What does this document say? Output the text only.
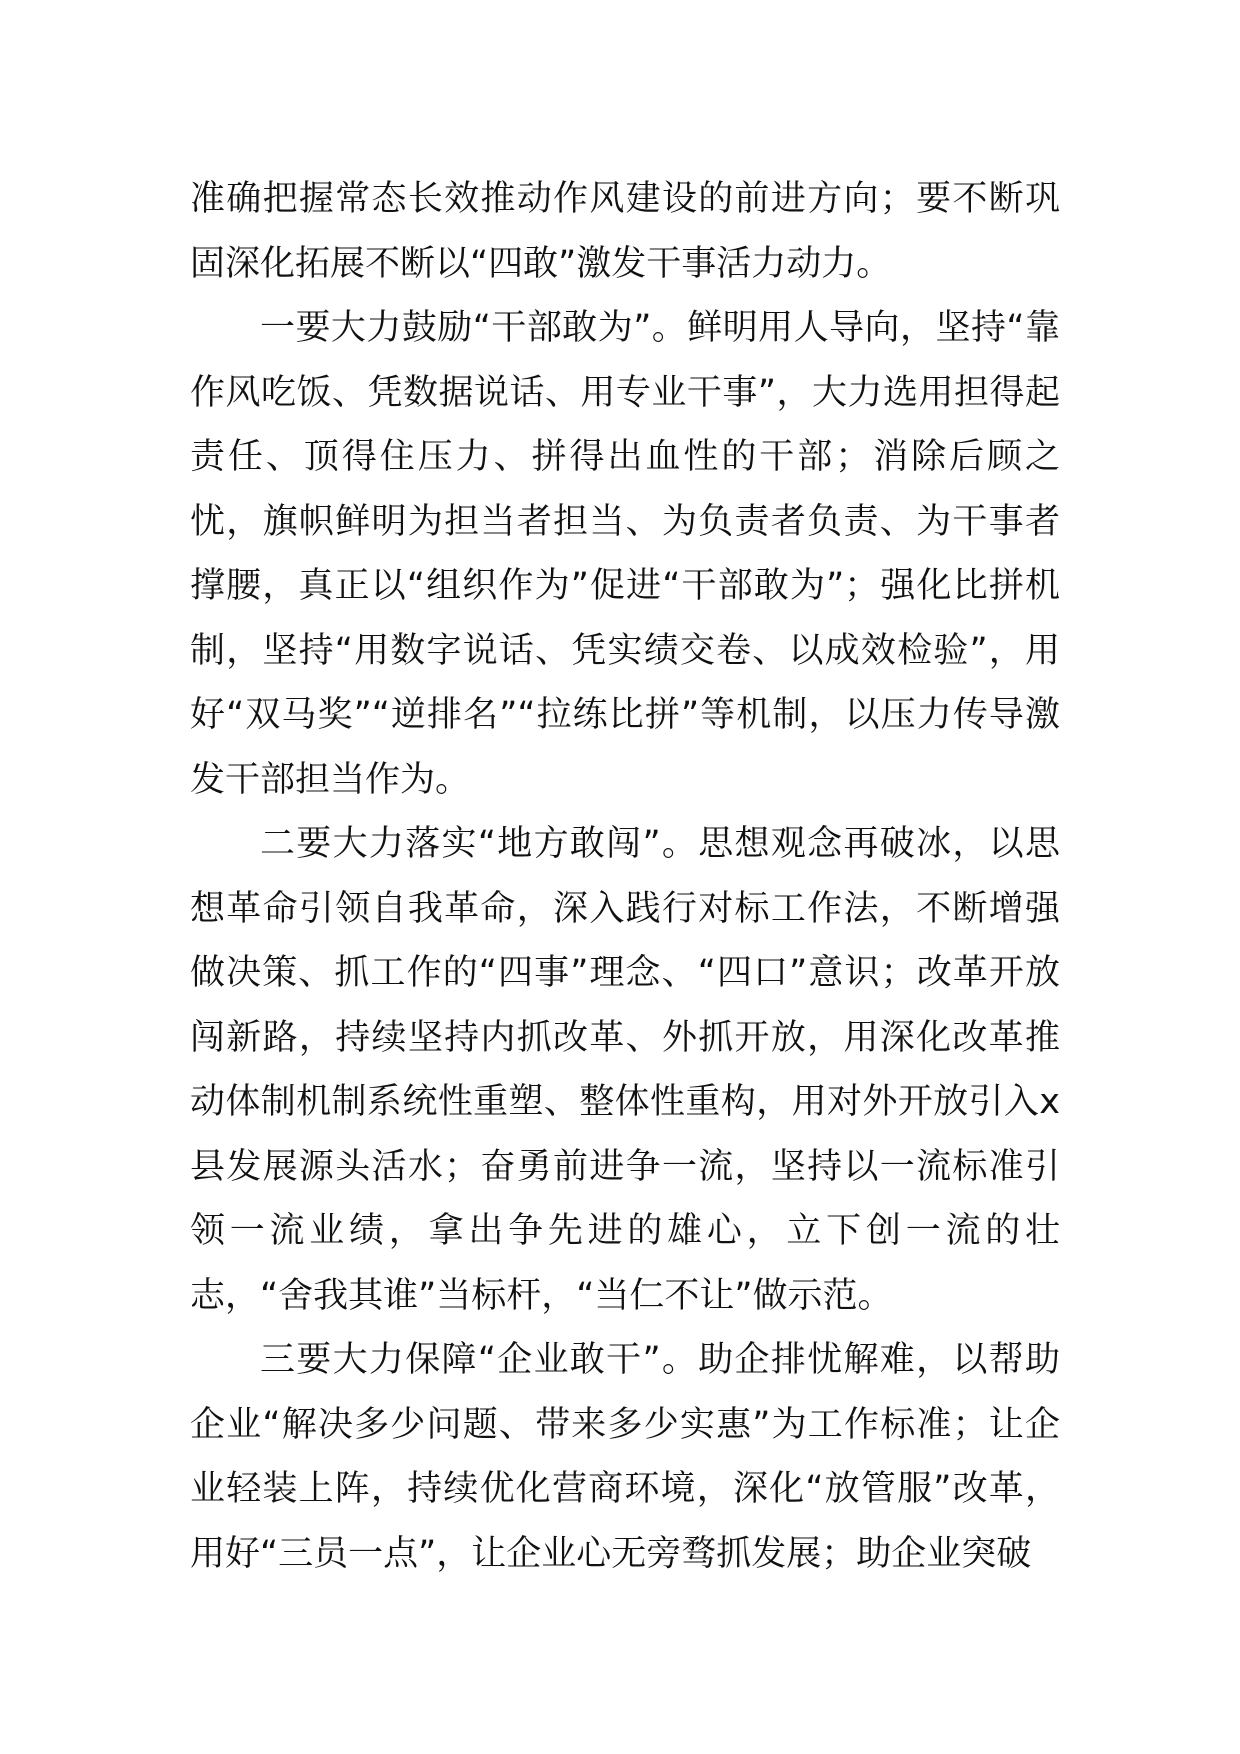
准确把握常态长效推动作风建设的前进方向；要不断巩固深化拓展不断以“四敢”激发干事活力动力。

一要大力鼓励“干部敢为”。鲜明用人导向，坚持“靠作风吃饭、凭数据说话、用专业干事”，大力选用担得起责任、顶得住压力、拼得出血性的干部；消除后顾之忧，旗帜鲜明为担当者担当、为负责者负责、为干事者撑腰，真正以“组织作为”促进“干部敢为”；强化比拼机制，坚持“用数字说话、凭实绩交卷、以成效检验”，用好“双马奖”“逆排名”“拉练比拼”等机制，以压力传导激发干部担当作为。

二要大力落实“地方敢闯”。思想观念再破冰，以思想革命引领自我革命，深入践行对标工作法，不断增强做决策、抓工作的“四事”理念、“四口”意识；改革开放闯新路，持续坚持内抓改革、外抓开放，用深化改革推动体制机制系统性重塑、整体性重构，用对外开放引入x县发展源头活水；奋勇前进争一流，坚持以一流标准引领一流业绩，拿出争先进的雄心，立下创一流的壮志，“舍我其谁”当标杆，“当仁不让”做示范。

三要大力保障“企业敢干”。助企排忧解难，以帮助企业“解决多少问题、带来多少实惠”为工作标准；让企业轻装上阵，持续优化营商环境，深化“放管服”改革，用好“三员一点”，让企业心无旁骛抓发展；助企业突破
